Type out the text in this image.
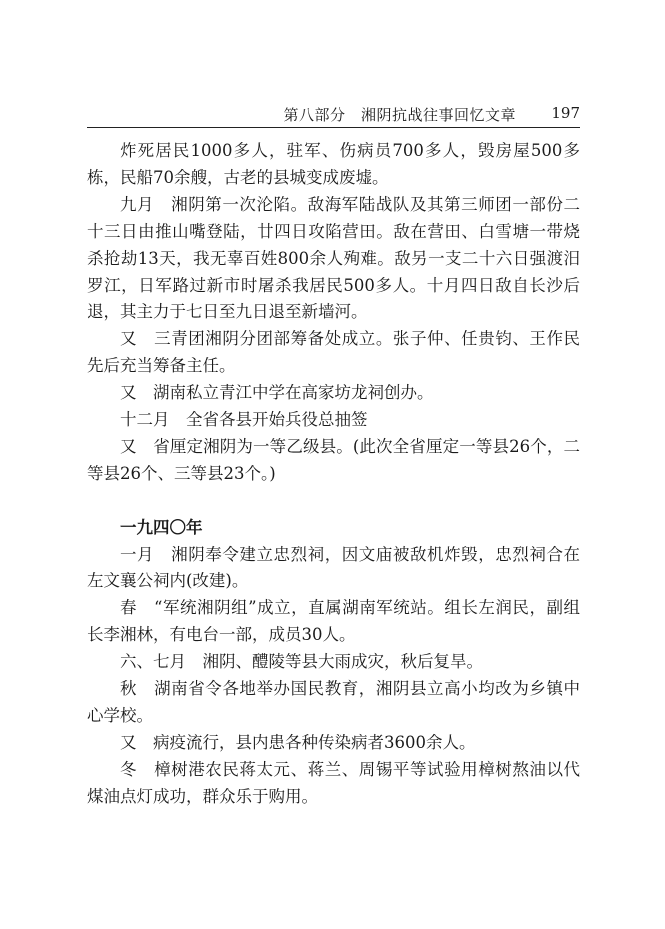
第八部分　湘阴抗战往事回忆文章 197

炸死居民1000多人，驻军、伤病员700多人，毁房屋500多栋，民船70余艘，古老的县城变成废墟。

九月　湘阴第一次沦陷。敌海军陆战队及其第三师团一部份二十三日由推山嘴登陆，廿四日攻陷营田。敌在营田、白雪塘一带烧杀抢劫13天，我无辜百姓800余人殉难。敌另一支二十六日强渡汨罗江，日军路过新市时屠杀我居民500多人。十月四日敌自长沙后退，其主力于七日至九日退至新墙河。

又　三青团湘阴分团部筹备处成立。张子仲、任贵钧、王作民先后充当筹备主任。

又　湖南私立青江中学在高家坊龙祠创办。

十二月　全省各县开始兵役总抽签

又　省厘定湘阴为一等乙级县。(此次全省厘定一等县26个，二等县26个、三等县23个。)

一九四〇年

一月　湘阴奉令建立忠烈祠，因文庙被敌机炸毁，忠烈祠合在左文襄公祠内(改建)。

春　“军统湘阴组”成立，直属湖南军统站。组长左润民，副组长李湘林，有电台一部，成员30人。

六、七月　湘阴、醴陵等县大雨成灾，秋后复旱。

秋　湖南省令各地举办国民教育，湘阴县立高小均改为乡镇中心学校。

又　病疫流行，县内患各种传染病者3600余人。

冬　樟树港农民蒋太元、蒋兰、周锡平等试验用樟树熬油以代煤油点灯成功，群众乐于购用。
